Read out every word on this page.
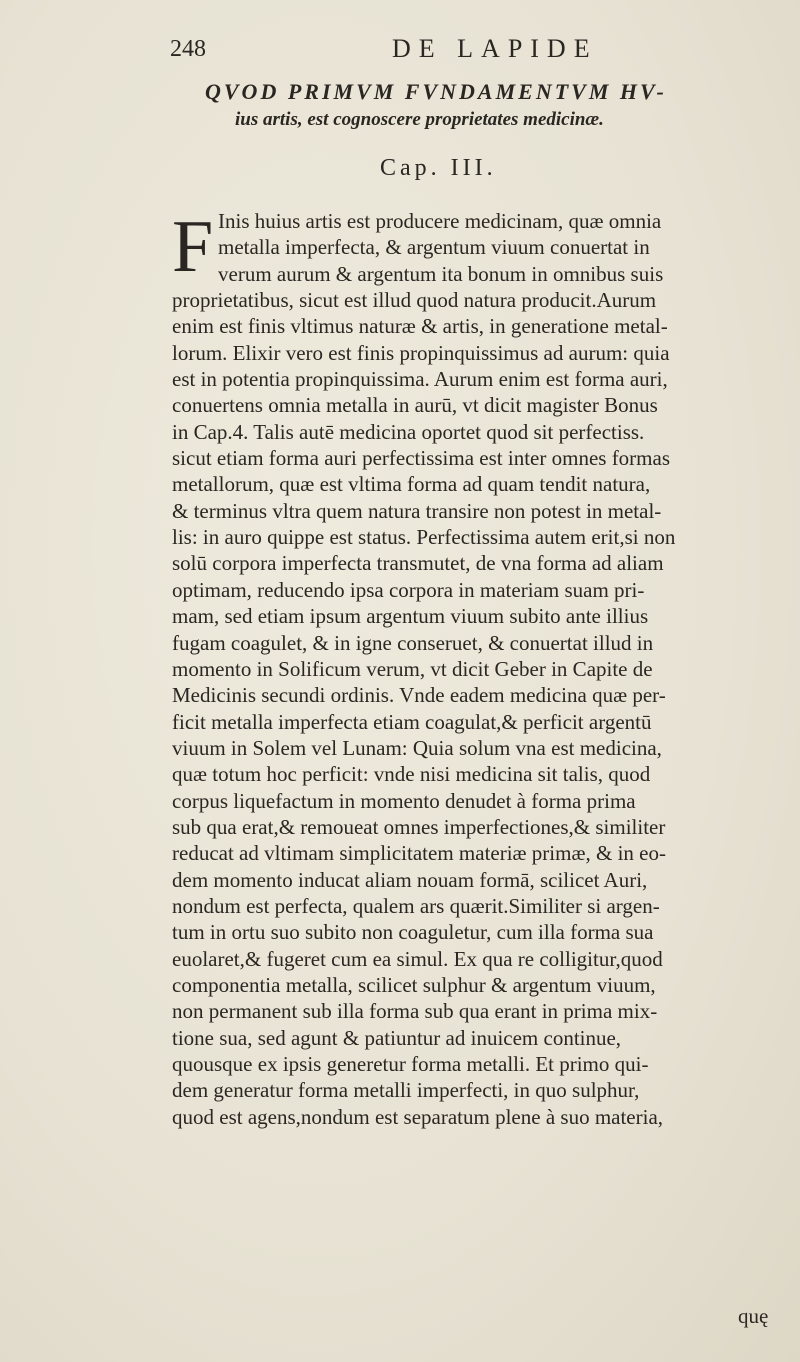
248	DE LAPIDE
QVOD PRIMVM FVNDAMENTVM HV-
ius artis, est cognoscere proprietates medicinæ.
Cap. III.
F Inis huius artis est producere medicinam, quæ omnia
metalla imperfecta, & argentum viuum conuertat in
verum aurum & argentum ita bonum in omnibus suis
proprietatibus, sicut est illud quod natura producit.Aurum
enim est finis vltimus naturæ & artis, in generatione metal-
lorum. Elixir vero est finis propinquissimus ad aurum: quia
est in potentia propinquissima. Aurum enim est forma auri,
conuertens omnia metalla in aurū, vt dicit magister Bonus
in Cap.4. Talis autē medicina oportet quod sit perfectiss.
sicut etiam forma auri perfectissima est inter omnes formas
metallorum, quæ est vltima forma ad quam tendit natura,
& terminus vltra quem natura transire non potest in metal-
lis: in auro quippe est status. Perfectissima autem erit,si non
solū corpora imperfecta transmutet, de vna forma ad aliam
optimam, reducendo ipsa corpora in materiam suam pri-
mam, sed etiam ipsum argentum viuum subito ante illius
fugam coagulet, & in igne conseruet, & conuertat illud in
momento in Solificum verum, vt dicit Geber in Capite de
Medicinis secundi ordinis. Vnde eadem medicina quæ per-
ficit metalla imperfecta etiam coagulat,& perficit argentū
viuum in Solem vel Lunam: Quia solum vna est medicina,
quæ totum hoc perficit: vnde nisi medicina sit talis, quod
corpus liquefactum in momento denudet à forma prima
sub qua erat,& remoueat omnes imperfectiones,& similiter
reducat ad vltimam simplicitatem materiæ primæ, & in eo-
dem momento inducat aliam nouam formā, scilicet Auri,
nondum est perfecta, qualem ars quærit.Similiter si argen-
tum in ortu suo subito non coaguletur, cum illa forma sua
euolaret,& fugeret cum ea simul. Ex qua re colligitur,quod
componentia metalla, scilicet sulphur & argentum viuum,
non permanent sub illa forma sub qua erant in prima mix-
tione sua, sed agunt & patiuntur ad inuicem continue,
quousque ex ipsis generetur forma metalli. Et primo qui-
dem generatur forma metalli imperfecti, in quo sulphur,
quod est agens,nondum est separatum plene à suo materia,
quę
